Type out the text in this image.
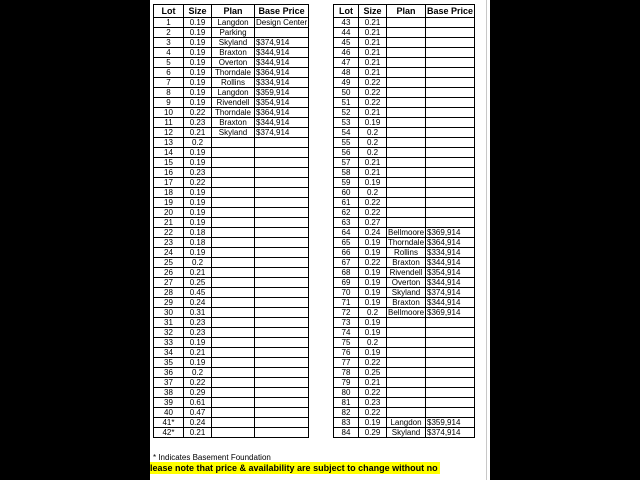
Lot	Size	Plan	Base Price
1	0.19	Langdon	Design Center
2	0.19	Parking	
3	0.19	Skyland	$374,914
4	0.19	Braxton	$344,914
5	0.19	Overton	$344,914
6	0.19	Thorndale	$364,914
7	0.19	Rollins	$334,914
8	0.19	Langdon	$359,914
9	0.19	Rivendell	$354,914
10	0.22	Thorndale	$364,914
11	0.23	Braxton	$344,914
12	0.21	Skyland	$374,914
13	0.2		
14	0.19		
15	0.19		
16	0.23		
17	0.22		
18	0.19		
19	0.19		
20	0.19		
21	0.19		
22	0.18		
23	0.18		
24	0.19		
25	0.2		
26	0.21		
27	0.25		
28	0.45		
29	0.24		
30	0.31		
31	0.23		
32	0.23		
33	0.19		
34	0.21		
35	0.19		
36	0.2		
37	0.22		
38	0.29		
39	0.61		
40	0.47		
41*	0.24		
42*	0.21		
Lot	Size	Plan	Base Price
43	0.21		
44	0.21		
45	0.21		
46	0.21		
47	0.21		
48	0.21		
49	0.22		
50	0.22		
51	0.22		
52	0.21		
53	0.19		
54	0.2		
55	0.2		
56	0.2		
57	0.21		
58	0.21		
59	0.19		
60	0.2		
61	0.22		
62	0.22		
63	0.27		
64	0.24	Bellmoore	$369,914
65	0.19	Thorndale	$364,914
66	0.19	Rollins	$334,914
67	0.22	Braxton	$344,914
68	0.19	Rivendell	$354,914
69	0.19	Overton	$344,914
70	0.19	Skyland	$374,914
71	0.19	Braxton	$344,914
72	0.2	Bellmoore	$369,914
73	0.19		
74	0.19		
75	0.2		
76	0.19		
77	0.22		
78	0.25		
79	0.21		
80	0.22		
81	0.23		
82	0.22		
83	0.19	Langdon	$359,914
84	0.29	Skyland	$374,914
* Indicates Basement Foundation
lease note that price & availability are subject to change without no
